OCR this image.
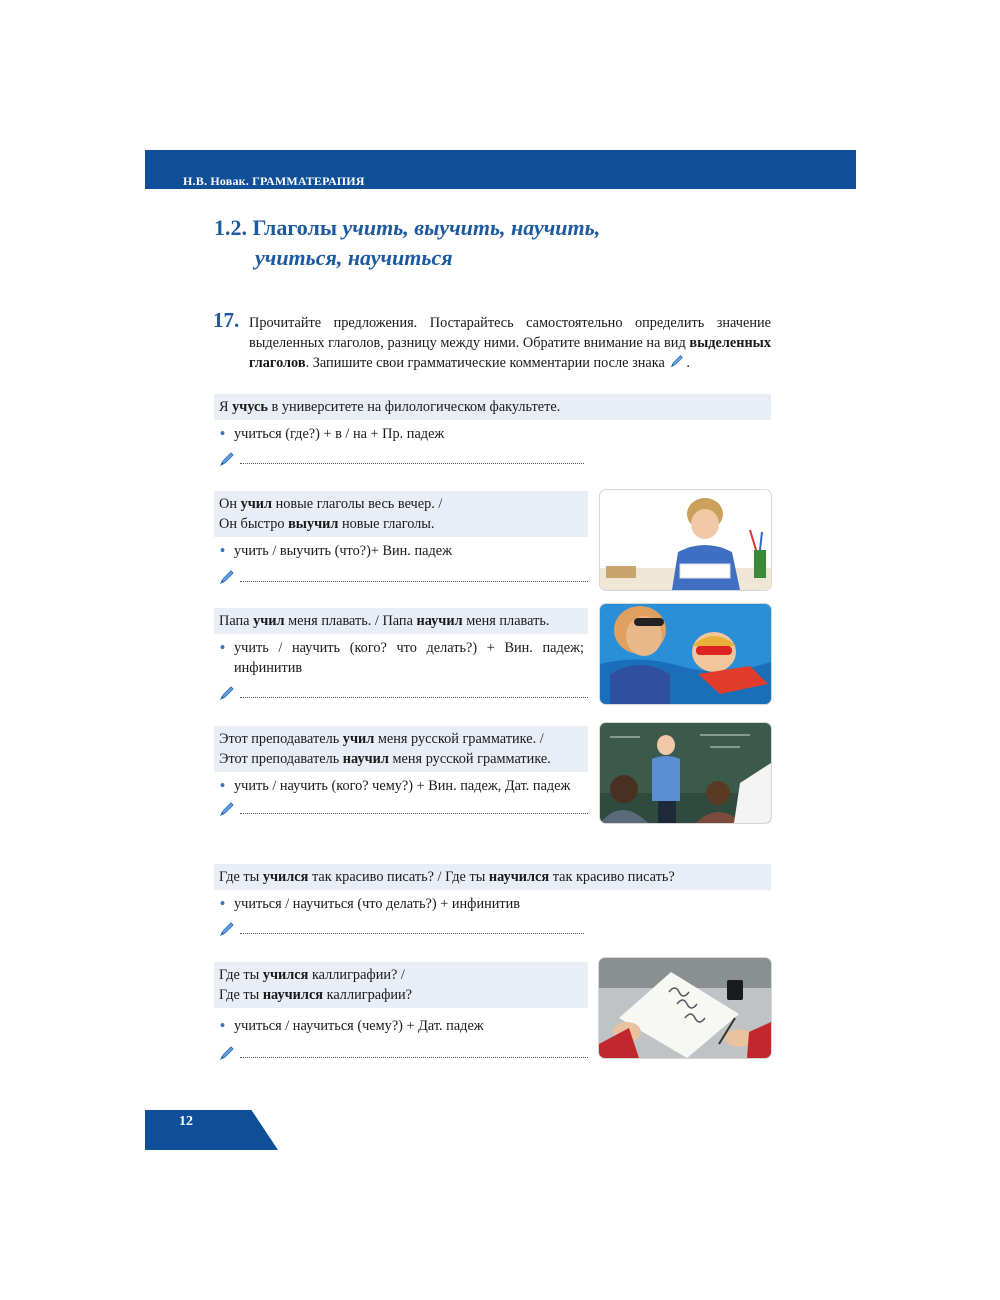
Н.В. Новак. ГРАММАТЕРАПИЯ
1.2. Глаголы учить, выучить, научить,
учиться, научиться
17. Прочитайте предложения. Постарайтесь самостоятельно определить значение выделенных глаголов, разницу между ними. Обратите внимание на вид выделенных глаголов. Запишите свои грамматические комментарии после знака .
Я учусь в университете на филологическом факультете.
• учиться (где?) + в / на + Пр. падеж
Он учил новые глаголы весь вечер. /
Он быстро выучил новые глаголы.
• учить / выучить (что?)+ Вин. падеж
Папа учил меня плавать. / Папа научил меня плавать.
• учить / научить (кого? что делать?) + Вин. падеж; инфинитив
Этот преподаватель учил меня русской грамматике. /
Этот преподаватель научил меня русской грамматике.
• учить / научить (кого? чему?) + Вин. падеж, Дат. падеж
Где ты учился так красиво писать? / Где ты научился так красиво писать?
• учиться / научиться (что делать?) + инфинитив
Где ты учился каллиграфии? /
Где ты научился каллиграфии?
• учиться / научиться (чему?) + Дат. падеж
12
